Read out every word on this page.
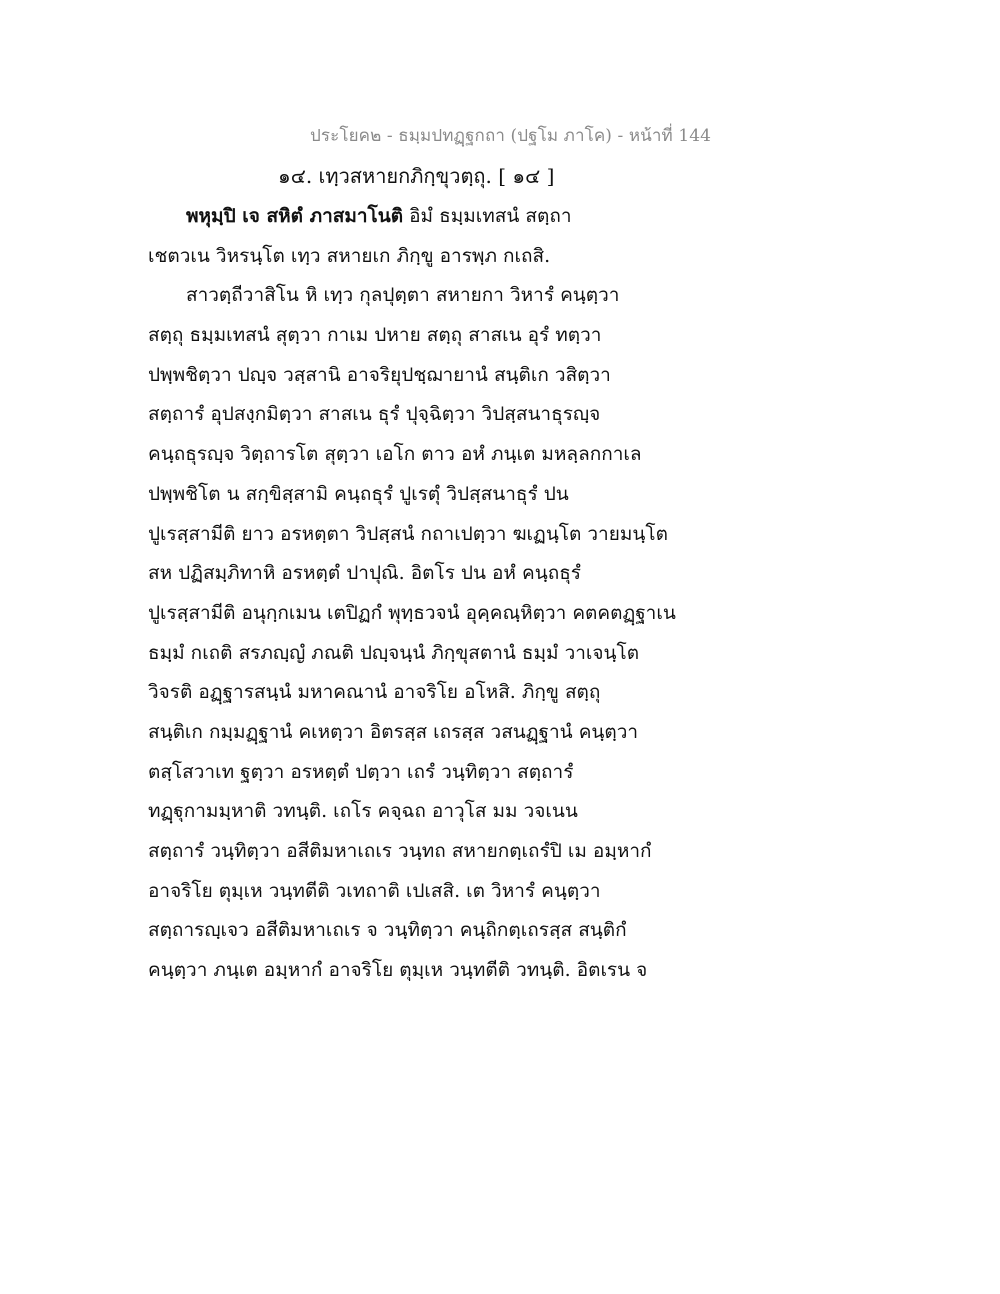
ประโยค๒ - ธมฺมปทฏฺฐกถา (ปฐโม ภาโค) - หน้าที่ 144
๑๔. เทฺวสหายกภิกฺขุวตฺถุ. [ ๑๔ ]
พหุมฺปิ เจ สหิตํ ภาสมาโนติ อิมํ ธมฺมเทสนํ สตฺถา
เชตวเน วิหรนฺโต เทฺว สหายเก ภิกฺขู อารพฺภ กเถสิ.
สาวตฺถีวาสิโน หิ เทฺว กุลปุตฺตา สหายกา วิหารํ คนฺตฺวา
สตฺถุ ธมฺมเทสนํ สุตฺวา กาเม ปหาย สตฺถุ สาสเน อุรํ ทตฺวา
ปพฺพชิตฺวา ปญฺจ วสฺสานิ อาจริยุปชฺฌายานํ สนฺติเก วสิตฺวา
สตฺถารํ อุปสงฺกมิตฺวา สาสเน ธุรํ ปุจฺฉิตฺวา วิปสฺสนาธุรญฺจ
คนฺถธุรญฺจ วิตฺถารโต สุตฺวา เอโก ตาว อหํ ภนฺเต มหลฺลกกาเล
ปพฺพชิโต น สกฺขิสฺสามิ คนฺถธุรํ ปูเรตุํ วิปสฺสนาธุรํ ปน
ปูเรสฺสามีติ ยาว อรหตฺตา วิปสฺสนํ กถาเปตฺวา ฆเฏนฺโต วายมนฺโต
สห ปฏิสมฺภิทาหิ อรหตฺตํ ปาปุณิ. อิตโร ปน อหํ คนฺถธุรํ
ปูเรสฺสามีติ อนุกฺกเมน เตปิฏกํ พุทฺธวจนํ อุคฺคณฺหิตฺวา คตคตฏฺฐาเน
ธมฺมํ กเถติ สรภญฺญํ ภณติ ปญฺจนฺนํ ภิกฺขุสตานํ ธมฺมํ วาเจนฺโต
วิจรติ อฏฺฐารสนฺนํ มหาคณานํ อาจริโย อโหสิ. ภิกฺขู สตฺถุ
สนฺติเก กมฺมฏฺฐานํ คเหตฺวา อิตรสฺส เถรสฺส วสนฏฺฐานํ คนฺตฺวา
ตสฺโสวาเท ฐตฺวา อรหตฺตํ ปตฺวา เถรํ วนฺทิตฺวา สตฺถารํ
ทฏฺฐุกามมฺหาติ วทนฺติ. เถโร คจฺฉถ อาวุโส มม วจเนน
สตฺถารํ วนฺทิตฺวา อสีติมหาเถเร วนฺทถ สหายกตฺเถรํปิ เม อมฺหากํ
อาจริโย ตุมฺเห วนฺทตีติ วเทถาติ เปเสสิ. เต วิหารํ คนฺตฺวา
สตฺถารญฺเจว อสีติมหาเถเร จ วนฺทิตฺวา คนฺถิกตฺเถรสฺส สนฺติกํ
คนฺตฺวา ภนฺเต อมฺหากํ อาจริโย ตุมฺเห วนฺทตีติ วทนฺติ. อิตเรน จ
